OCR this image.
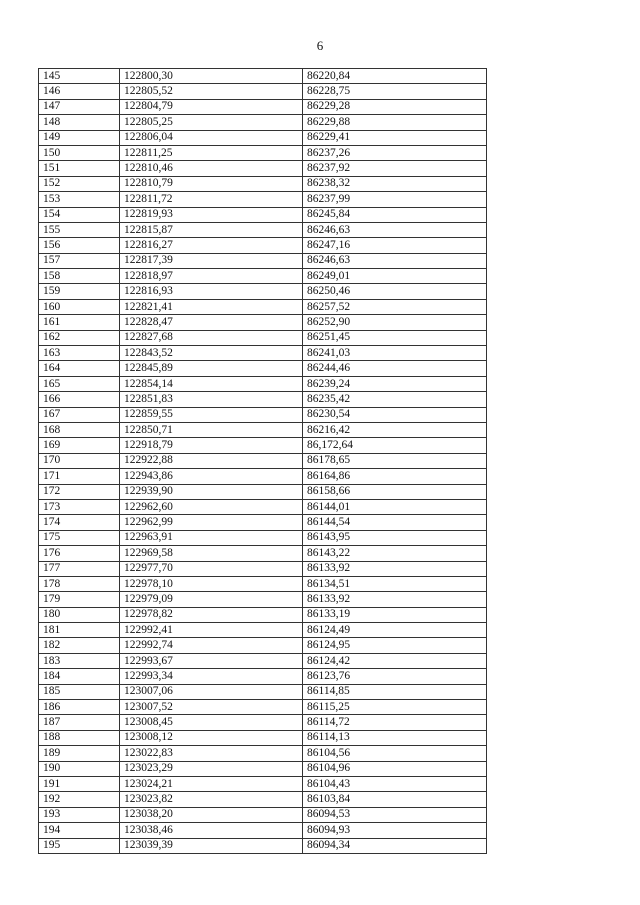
6
145	122800,30	86220,84
146	122805,52	86228,75
147	122804,79	86229,28
148	122805,25	86229,88
149	122806,04	86229,41
150	122811,25	86237,26
151	122810,46	86237,92
152	122810,79	86238,32
153	122811,72	86237,99
154	122819,93	86245,84
155	122815,87	86246,63
156	122816,27	86247,16
157	122817,39	86246,63
158	122818,97	86249,01
159	122816,93	86250,46
160	122821,41	86257,52
161	122828,47	86252,90
162	122827,68	86251,45
163	122843,52	86241,03
164	122845,89	86244,46
165	122854,14	86239,24
166	122851,83	86235,42
167	122859,55	86230,54
168	122850,71	86216,42
169	122918,79	86,172,64
170	122922,88	86178,65
171	122943,86	86164,86
172	122939,90	86158,66
173	122962,60	86144,01
174	122962,99	86144,54
175	122963,91	86143,95
176	122969,58	86143,22
177	122977,70	86133,92
178	122978,10	86134,51
179	122979,09	86133,92
180	122978,82	86133,19
181	122992,41	86124,49
182	122992,74	86124,95
183	122993,67	86124,42
184	122993,34	86123,76
185	123007,06	86114,85
186	123007,52	86115,25
187	123008,45	86114,72
188	123008,12	86114,13
189	123022,83	86104,56
190	123023,29	86104,96
191	123024,21	86104,43
192	123023,82	86103,84
193	123038,20	86094,53
194	123038,46	86094,93
195	123039,39	86094,34
